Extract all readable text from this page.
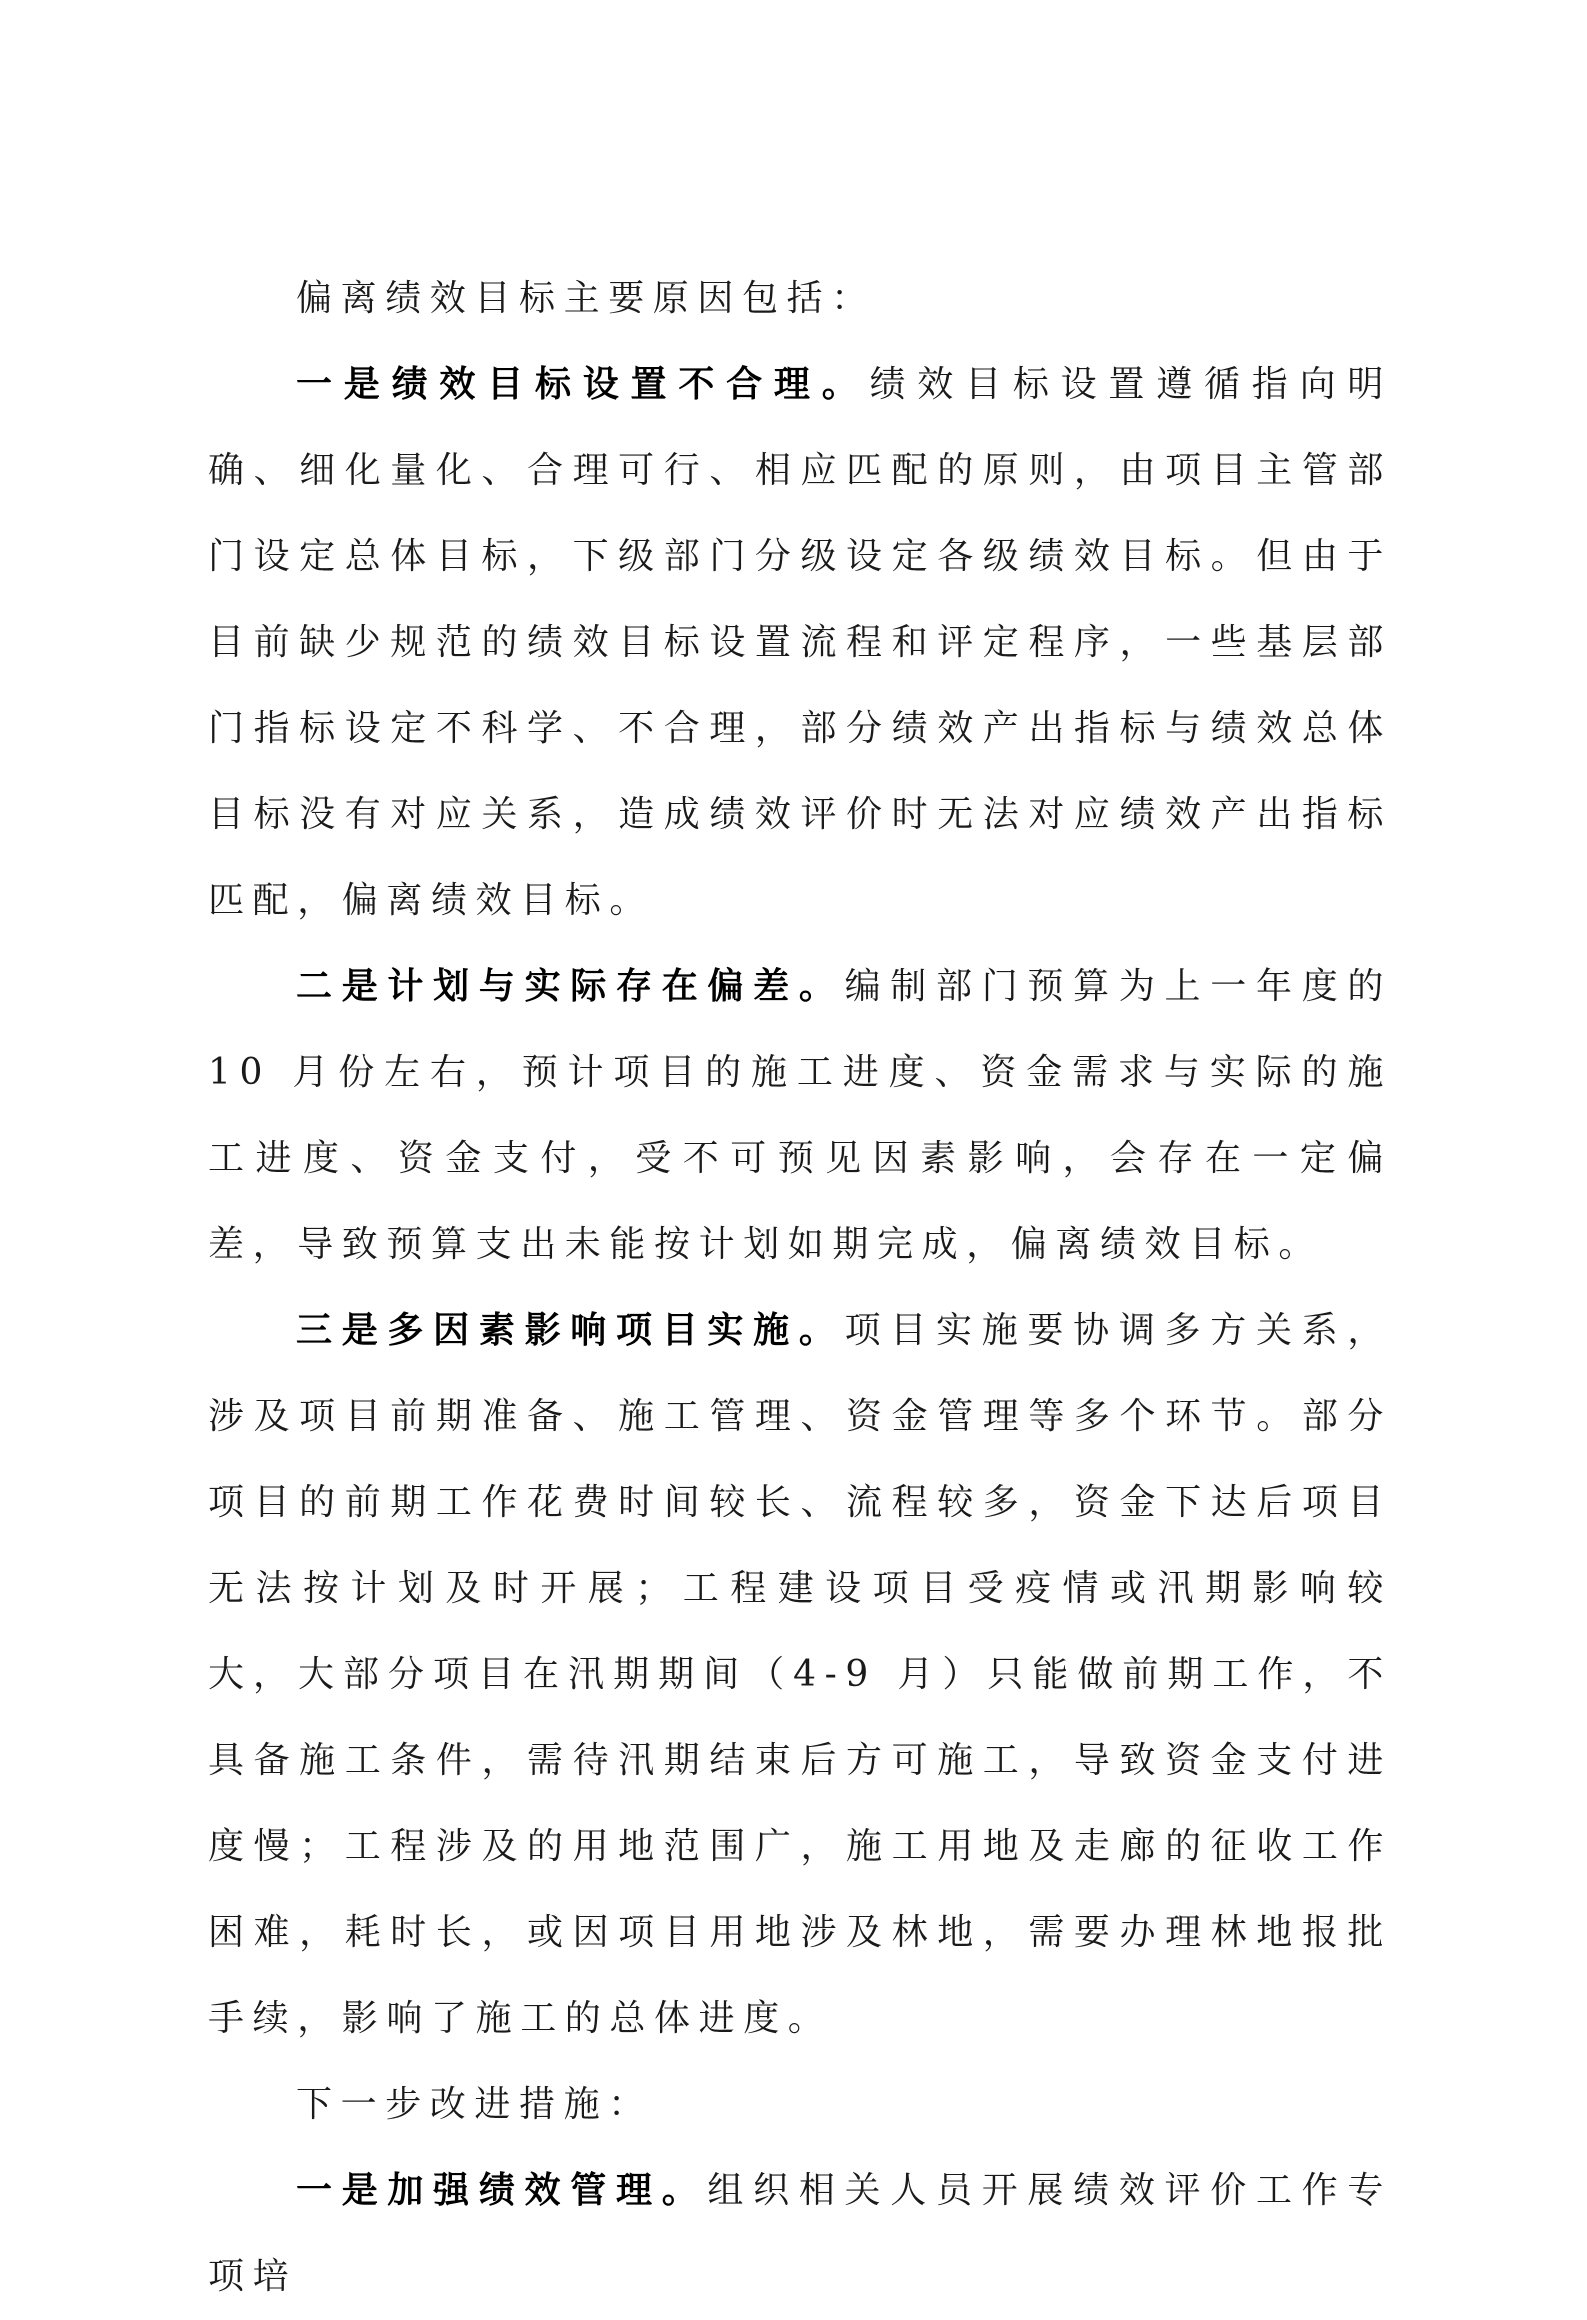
偏离绩效目标主要原因包括：

一是绩效目标设置不合理。绩效目标设置遵循指向明确、细化量化、合理可行、相应匹配的原则，由项目主管部门设定总体目标，下级部门分级设定各级绩效目标。但由于目前缺少规范的绩效目标设置流程和评定程序，一些基层部门指标设定不科学、不合理，部分绩效产出指标与绩效总体目标没有对应关系，造成绩效评价时无法对应绩效产出指标匹配，偏离绩效目标。

二是计划与实际存在偏差。编制部门预算为上一年度的 10 月份左右，预计项目的施工进度、资金需求与实际的施工进度、资金支付，受不可预见因素影响，会存在一定偏差，导致预算支出未能按计划如期完成，偏离绩效目标。

三是多因素影响项目实施。项目实施要协调多方关系，涉及项目前期准备、施工管理、资金管理等多个环节。部分项目的前期工作花费时间较长、流程较多，资金下达后项目无法按计划及时开展；工程建设项目受疫情或汛期影响较大，大部分项目在汛期期间（4-9 月）只能做前期工作，不具备施工条件，需待汛期结束后方可施工，导致资金支付进度慢；工程涉及的用地范围广，施工用地及走廊的征收工作困难，耗时长，或因项目用地涉及林地，需要办理林地报批手续，影响了施工的总体进度。

下一步改进措施：

一是加强绩效管理。组织相关人员开展绩效评价工作专项培
